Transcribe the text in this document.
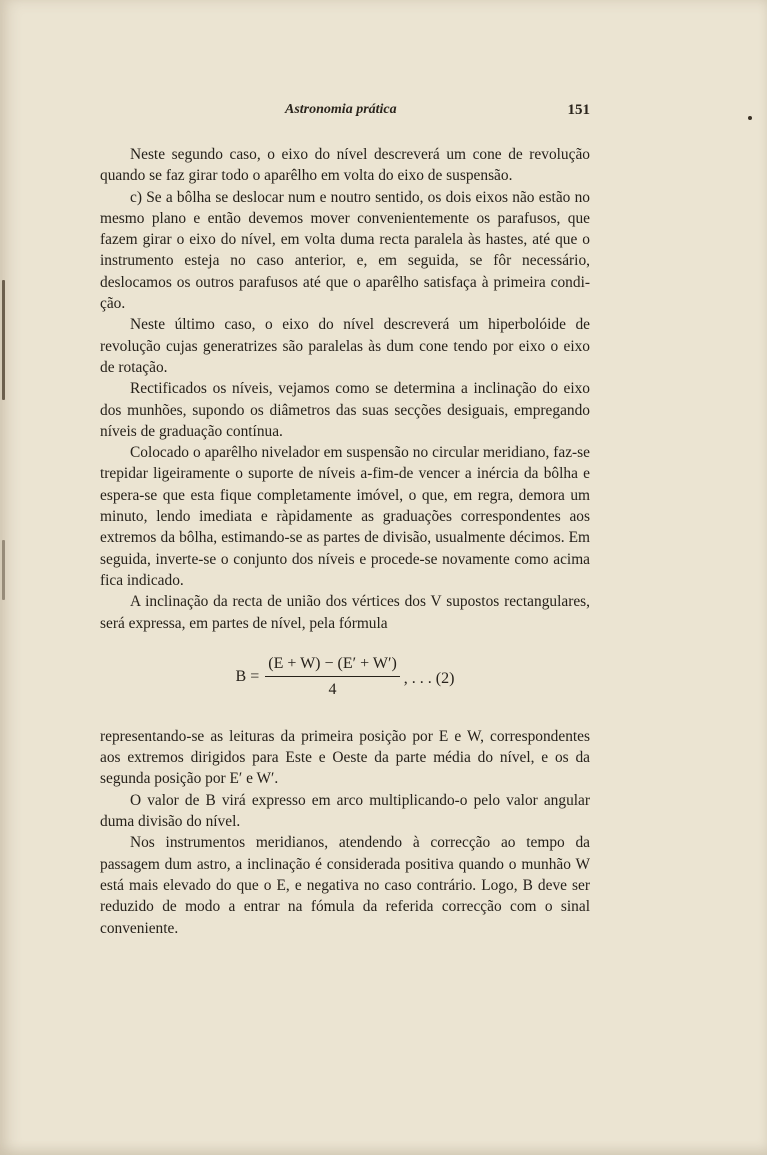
Astronomia prática	151

Neste segundo caso, o eixo do nível descreverá um cone de revolução quando se faz girar todo o aparêlho em volta do eixo de suspensão.

c) Se a bôlha se deslocar num e noutro sentido, os dois eixos não estão no mesmo plano e então devemos mover convenientemente os parafusos, que fazem girar o eixo do nível, em volta duma recta paralela às hastes, até que o instrumento esteja no caso anterior, e, em seguida, se fôr necessário, deslocamos os outros parafusos até que o aparêlho satisfaça à primeira condição.

Neste último caso, o eixo do nível descreverá um hiperbolóide de revolução cujas generatrizes são paralelas às dum cone tendo por eixo o eixo de rotação.

Rectificados os níveis, vejamos como se determina a inclinação do eixo dos munhões, supondo os diâmetros das suas secções desiguais, empregando níveis de graduação contínua.

Colocado o aparêlho nivelador em suspensão no circular meridiano, faz-se trepidar ligeiramente o suporte de níveis a-fim-de vencer a inércia da bôlha e espera-se que esta fique completamente imóvel, o que, em regra, demora um minuto, lendo imediata e ràpidamente as graduações correspondentes aos extremos da bôlha, estimando-se as partes de divisão, usualmente décimos. Em seguida, inverte-se o conjunto dos níveis e procede-se novamente como acima fica indicado.

A inclinação da recta de união dos vértices dos V supostos rectangulares, será expressa, em partes de nível, pela fórmula

$B = \frac{(E + W) - (E' + W')}{4}$ , . . . (2)

representando-se as leituras da primeira posição por E e W, correspondentes aos extremos dirigidos para Este e Oeste da parte média do nível, e os da segunda posição por E′ e W′.

O valor de B virá expresso em arco multiplicando-o pelo valor angular duma divisão do nível.

Nos instrumentos meridianos, atendendo à correcção ao tempo da passagem dum astro, a inclinação é considerada positiva quando o munhão W está mais elevado do que o E, e negativa no caso contrário. Logo, B deve ser reduzido de modo a entrar na fómula da referida correcção com o sinal conveniente.
